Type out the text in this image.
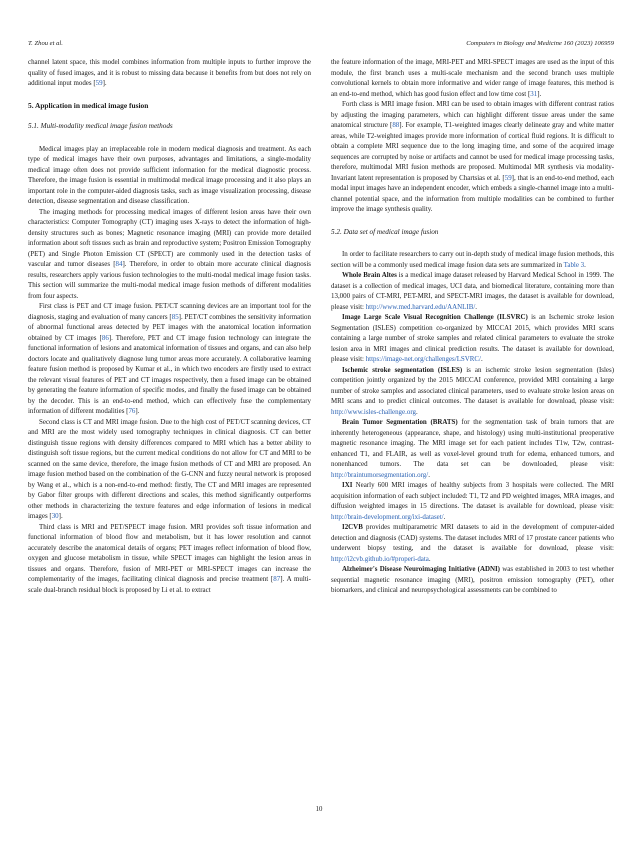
T. Zhou et al.	Computers in Biology and Medicine 160 (2023) 106959

channel latent space, this model combines information from multiple inputs to further improve the quality of fused images, and it is robust to missing data because it benefits from but does not rely on additional input modes [59].

5. Application in medical image fusion
5.1. Multi-modality medical image fusion methods

Medical images play an irreplaceable role in modern medical diagnosis and treatment. As each type of medical images have their own purposes, advantages and limitations, a single-modality medical image often does not provide sufficient information for the medical diagnostic process. Therefore, the image fusion is essential in multimodal medical image processing and it also plays an important role in the computer-aided diagnosis tasks, such as image visualization processing, disease detection, disease segmentation and disease classification.

The imaging methods for processing medical images of different lesion areas have their own characteristics: Computer Tomography (CT) imaging uses X-rays to detect the information of high-density structures such as bones; Magnetic resonance imaging (MRI) can provide more detailed information about soft tissues such as brain and reproductive system; Positron Emission Tomography (PET) and Single Photon Emission CT (SPECT) are commonly used in the detection tasks of vascular and tumor diseases [84]. Therefore, in order to obtain more accurate clinical diagnosis results, researchers apply various fusion technologies to the multi-modal medical image fusion tasks. This section will summarize the multi-modal medical image fusion methods of different modalities from four aspects.

First class is PET and CT image fusion. PET/CT scanning devices are an important tool for the diagnosis, staging and evaluation of many cancers [85]. PET/CT combines the sensitivity information of abnormal functional areas detected by PET images with the anatomical location information obtained by CT images [86]. Therefore, PET and CT image fusion technology can integrate the functional information of lesions and anatomical information of tissues and organs, and can also help doctors locate and qualitatively diagnose lung tumor areas more accurately. A collaborative learning feature fusion method is proposed by Kumar et al., in which two encoders are firstly used to extract the relevant visual features of PET and CT images respectively, then a fused image can be obtained by generating the feature information of specific modes, and finally the fused image can be obtained by the decoder. This is an end-to-end method, which can effectively fuse the complementary information of different modalities [76].

Second class is CT and MRI image fusion. Due to the high cost of PET/CT scanning devices, CT and MRI are the most widely used tomography techniques in clinical diagnosis. CT can better distinguish tissue regions with density differences compared to MRI which has a better ability to distinguish soft tissue regions, but the current medical conditions do not allow for CT and MRI to be scanned on the same device, therefore, the image fusion methods of CT and MRI are proposed. An image fusion method based on the combination of the G-CNN and fuzzy neural network is proposed by Wang et al., which is a non-end-to-end method: firstly, The CT and MRI images are represented by Gabor filter groups with different directions and scales, this method significantly outperforms other methods in characterizing the texture features and edge information of lesions in medical images [30].

Third class is MRI and PET/SPECT image fusion. MRI provides soft tissue information and functional information of blood flow and metabolism, but it has lower resolution and cannot accurately describe the anatomical details of organs; PET images reflect information of blood flow, oxygen and glucose metabolism in tissue, while SPECT images can highlight the lesion areas in tissues and organs. Therefore, fusion of MRI-PET or MRI-SPECT images can increase the complementarity of the images, facilitating clinical diagnosis and precise treatment [87]. A multi-scale dual-branch residual block is proposed by Li et al. to extract

the feature information of the image, MRI-PET and MRI-SPECT images are used as the input of this module, the first branch uses a multi-scale mechanism and the second branch uses multiple convolutional kernels to obtain more informative and wider range of image features, this method is an end-to-end method, which has good fusion effect and low time cost [31].

Forth class is MRI image fusion. MRI can be used to obtain images with different contrast ratios by adjusting the imaging parameters, which can highlight different tissue areas under the same anatomical structure [88]. For example, T1-weighted images clearly delineate gray and white matter areas, while T2-weighted images provide more information of cortical fluid regions. It is difficult to obtain a complete MRI sequence due to the long imaging time, and some of the acquired image sequences are corrupted by noise or artifacts and cannot be used for medical image processing tasks, therefore, multimodal MRI fusion methods are proposed. Multimodal MR synthesis via modality-Invariant latent representation is proposed by Chartsias et al. [59], that is an end-to-end method, each modal input images have an independent encoder, which embeds a single-channel image into a multi-channel potential space, and the information from multiple modalities can be combined to further improve the image synthesis quality.

5.2. Data set of medical image fusion

In order to facilitate researchers to carry out in-depth study of medical image fusion methods, this section will be a commonly used medical image fusion data sets are summarized in Table 3.

Whole Brain Altes is a medical image dataset released by Harvard Medical School in 1999. The dataset is a collection of medical images, UCI data, and biomedical literature, containing more than 13,000 pairs of CT-MRI, PET-MRI, and SPECT-MRI images, the dataset is available for download, please visit: http://www.med.harvard.edu/AANLIB/.

Image Large Scale Visual Recognition Challenge (ILSVRC) is an Ischemic stroke lesion Segmentation (ISLES) competition co-organized by MICCAI 2015, which provides MRI scans containing a large number of stroke samples and related clinical parameters to evaluate the stroke lesion area in MRI images and clinical prediction results. The dataset is available for download, please visit: https://image-net.org/challenges/LSVRC/.

Ischemic stroke segmentation (ISLES) is an ischemic stroke lesion segmentation (Isles) competition jointly organized by the 2015 MICCAI conference, provided MRI containing a large number of stroke samples and associated clinical parameters, used to evaluate stroke lesion areas on MRI scans and to predict clinical outcomes. The dataset is available for download, please visit: http://www.isles-challenge.org.

Brain Tumor Segmentation (BRATS) for the segmentation task of brain tumors that are inherently heterogeneous (appearance, shape, and histology) using multi-institutional preoperative magnetic resonance imaging. The MRI image set for each patient includes T1w, T2w, contrast-enhanced T1, and FLAIR, as well as voxel-level ground truth for edema, enhanced tumors, and nonenhanced tumors. The data set can be downloaded, please visit: http://braintumorsegmentation.org/.

IXI Nearly 600 MRI images of healthy subjects from 3 hospitals were collected. The MRI acquisition information of each subject included: T1, T2 and PD weighted images, MRA images, and diffusion weighted images in 15 directions. The dataset is available for download, please visit: http://brain-development.org/ixi-dataset/.

I2CVB provides multiparametric MRI datasets to aid in the development of computer-aided detection and diagnosis (CAD) systems. The dataset includes MRI of 17 prostate cancer patients who underwent biopsy testing, and the dataset is available for download, please visit: http://i2cvb.github.io/#properi-data.

Alzheimer's Disease Neuroimaging Initiative (ADNI) was established in 2003 to test whether sequential magnetic resonance imaging (MRI), positron emission tomography (PET), other biomarkers, and clinical and neuropsychological assessments can be combined to

10
